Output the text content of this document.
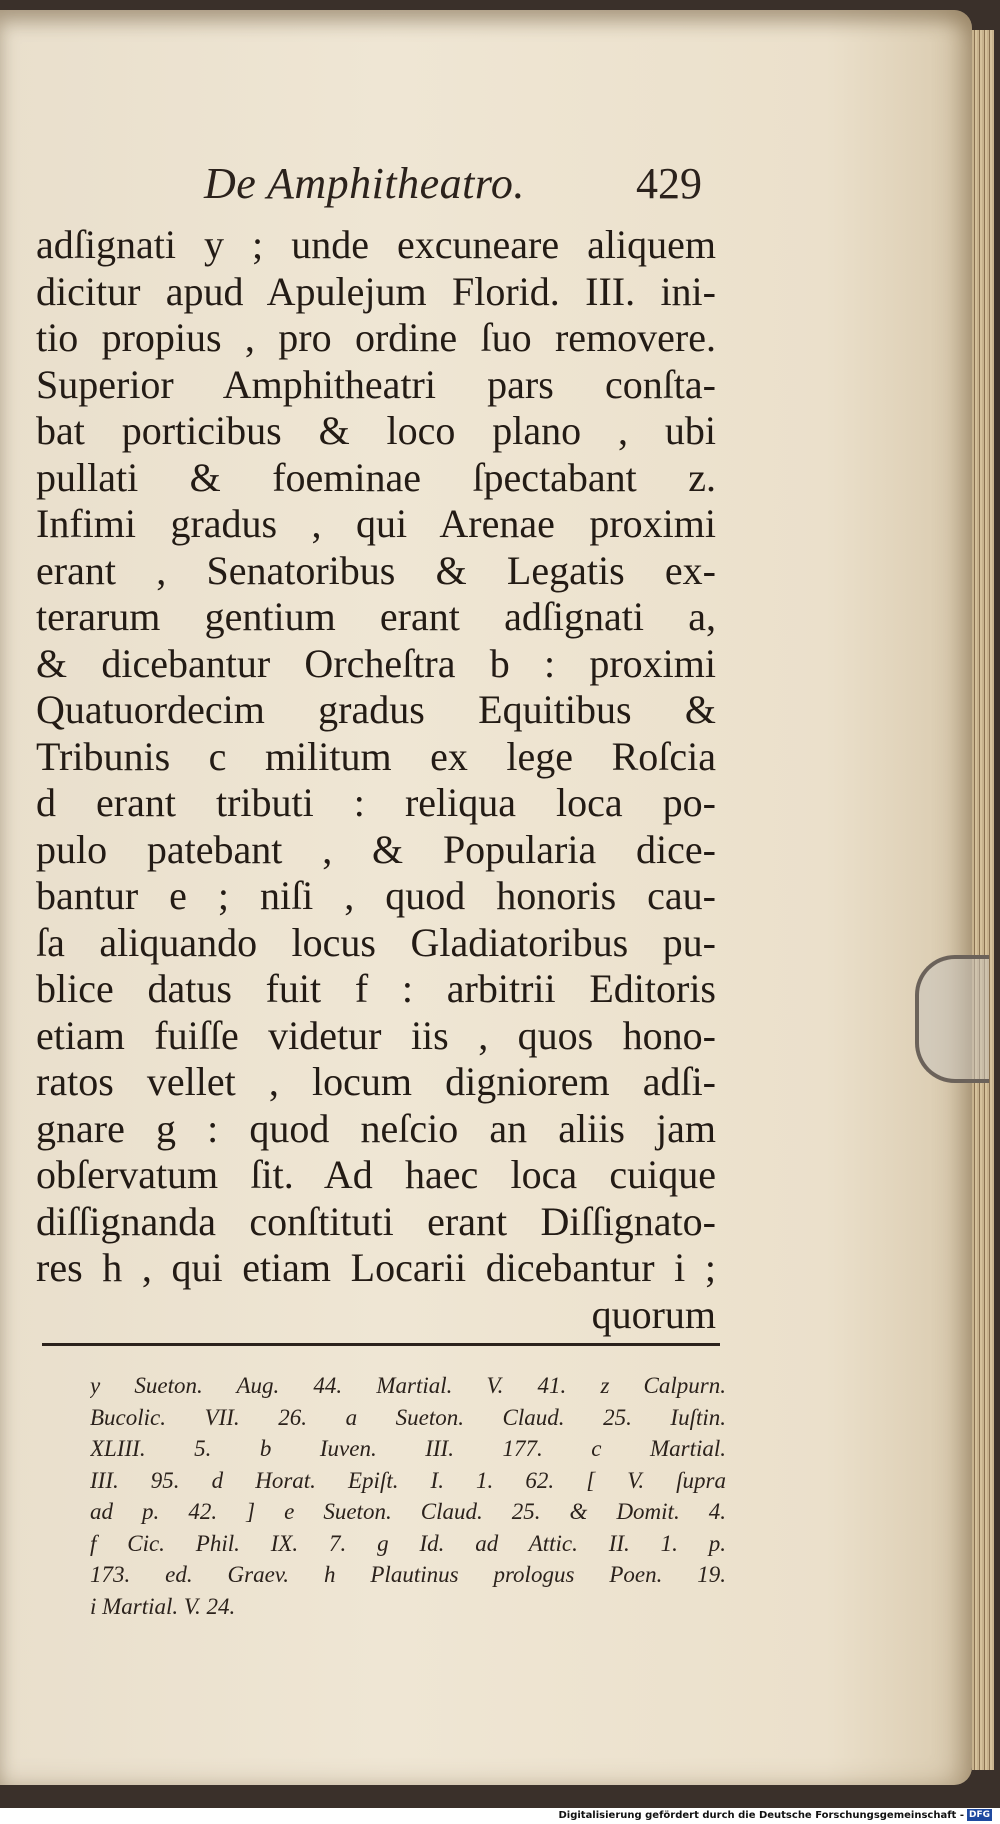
De Amphitheatro.	429
adſignati y ; unde excuneare aliquem
dicitur apud Apulejum Florid. III. ini-
tio propius , pro ordine ſuo removere.
Superior Amphitheatri pars conſta-
bat porticibus & loco plano , ubi
pullati & foeminae ſpectabant z.
Infimi gradus , qui Arenae proximi
erant , Senatoribus & Legatis ex-
terarum gentium erant adſignati a,
& dicebantur Orcheſtra b : proximi
Quatuordecim gradus Equitibus &
Tribunis c militum ex lege Roſcia
d erant tributi : reliqua loca po-
pulo patebant , & Popularia dice-
bantur e ; niſi , quod honoris cau-
ſa aliquando locus Gladiatoribus pu-
blice datus fuit f : arbitrii Editoris
etiam fuiſſe videtur iis , quos hono-
ratos vellet , locum digniorem adſi-
gnare g : quod neſcio an aliis jam
obſervatum ſit. Ad haec loca cuique
diſſignanda conſtituti erant Diſſignato-
res h , qui etiam Locarii dicebantur i ;
quorum
y Sueton. Aug. 44. Martial. V. 41. z Calpurn.
Bucolic. VII. 26. a Sueton. Claud. 25. Iuſtin.
XLIII. 5. b Iuven. III. 177. c Martial.
III. 95. d Horat. Epiſt. I. 1. 62. [ V. ſupra
ad p. 42. ] e Sueton. Claud. 25. & Domit. 4.
f Cic. Phil. IX. 7. g Id. ad Attic. II. 1. p.
173. ed. Graev. h Plautinus prologus Poen. 19.
i Martial. V. 24.
Digitalisierung gefördert durch die Deutsche Forschungsgemeinschaft - DFG
